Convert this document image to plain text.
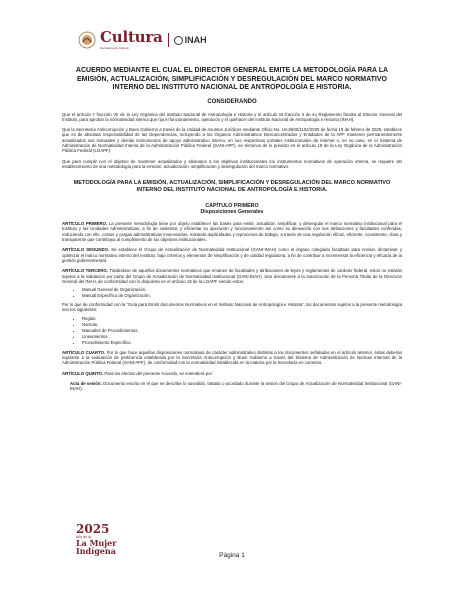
Cultura
Secretaría de Cultura
INAH
ACUERDO MEDIANTE EL CUAL EL DIRECTOR GENERAL EMITE LA METODOLOGÍA PARA LA EMISIÓN, ACTUALIZACIÓN, SIMPLIFICACIÓN Y DESREGULACIÓN DEL MARCO NORMATIVO INTERNO DEL INSTITUTO NACIONAL DE ANTROPOLOGÍA E HISTORIA.
CONSIDERANDO

Que el artículo 7 fracción VII de la Ley Orgánica del Instituto Nacional de Antropología e Historia y el artículo 15 fracción II de su Reglamento faculta al Director General del Instituto, para aprobar la normatividad interna que rija el funcionamiento, operación y el quehacer del Instituto Nacional de Antropología e Historia (INAH).

Que la Secretaría Anticorrupción y Buen Gobierno a través de la Unidad de Asuntos Jurídicos mediante Oficio No. UAJ/600/1102/2025 de fecha 19 de febrero de 2025, establece que es de absoluta responsabilidad de las Dependencias, incluyendo a los Órganos Administrativos Desconcentrados y Entidades de la APF mantener permanentemente actualizados sus manuales y demás instrumentos de apoyo administrativo interno, en sus respectivos portales institucionales de internet o, en su caso, en el Sistema de Administración de Normatividad Interna de la Administración Pública Federal (SANI-APF), en términos de lo previsto en el artículo 19 de la Ley Orgánica de la Administración Pública Federal (LOAPF).

Que para cumplir con el objetivo de mantener actualizados y alineados a los objetivos institucionales los instrumentos normativos de operación interna, se requiere del establecimiento de una metodología para la emisión, actualización, simplificación y desregulación del marco normativo.

METODOLOGÍA PARA LA EMISIÓN, ACTUALIZACIÓN, SIMPLIFICACIÓN Y DESREGULACIÓN DEL MARCO NORMATIVO INTERNO DEL INSTITUTO NACIONAL DE ANTROPOLOGÍA E HISTORIA.
CAPÍTULO PRIMERO
Disposiciones Generales

ARTÍCULO PRIMERO. La presente metodología tiene por objeto establecer las bases para emitir, actualizar, simplificar, y desregular el marco normativo institucional para el Instituto y las Unidades Administrativas, a fin de sustentar, y eficientar su operación y funcionamiento así como su alineación con sus atribuciones y facultades conferidas, reduciendo con ello, costos y cargas administrativas innecesarias, evitando duplicidades y reprocesos de trabajo, a través de una regulación eficaz, eficiente, consistente, clara y transparente que contribuya al cumplimiento de los objetivos institucionales.

ARTÍCULO SEGUNDO. Se establece el Grupo de Actualización de Normatividad Institucional (GANI-INAH) como el órgano colegiado facultado para revisar, dictaminar y optimizar el marco normativo interno del Instituto, bajo criterios y elementos de simplificación y de calidad regulatoria, a fin de contribuir a incrementar la eficiencia y eficacia de la gestión gubernamental.

ARTÍCULO TERCERO. Tratándose de aquellos documentos normativos que emanen de facultades y atribuciones de leyes y reglamentos de carácter federal, estos no estarán sujetos a la validación por parte del Grupo de Actualización de Normatividad Institucional (GANI-INAH), sino únicamente a la autorización de la Persona Titular de la Dirección General del INAH, de conformidad con lo dispuesto en el artículo 19 de la LOAPF siendo estos:

• Manual General de Organización.
• Manual Específico de Organización.

Por lo que de conformidad con la “Guía para Emitir documentos Normativos en el Instituto Nacional de Antropología e Historia”, los documentos sujetos a la presente metodología son los siguientes:

• Reglas.
• Normas.
• Manuales de Procedimientos.
• Lineamientos.
• Procedimiento Específico.

ARTÍCULO CUARTO. Por lo que hace aquellas disposiciones normativas de carácter administrativo distintas a los documentos señalados en el artículo anterior, éstas deberán sujetarse a la evaluación de pertinencia establecida por la Secretaría Anticorrupción y Buen Gobierno a través del Sistema de Administración de Normas Internas de la Administración Pública Federal (SANI-APF), de conformidad con la normatividad establecida en la materia por la Secretaría en comento.

ARTÍCULO QUINTO. Para los efectos del presente Acuerdo, se entenderá por:

Acta de sesión: Documento escrito en el que se describe lo sucedido, tratado o acordado durante la sesión del Grupo de Actualización de Normatividad Institucional (GANI-INAH).

2025
Año de la
La Mujer
Indígena	Página 1
